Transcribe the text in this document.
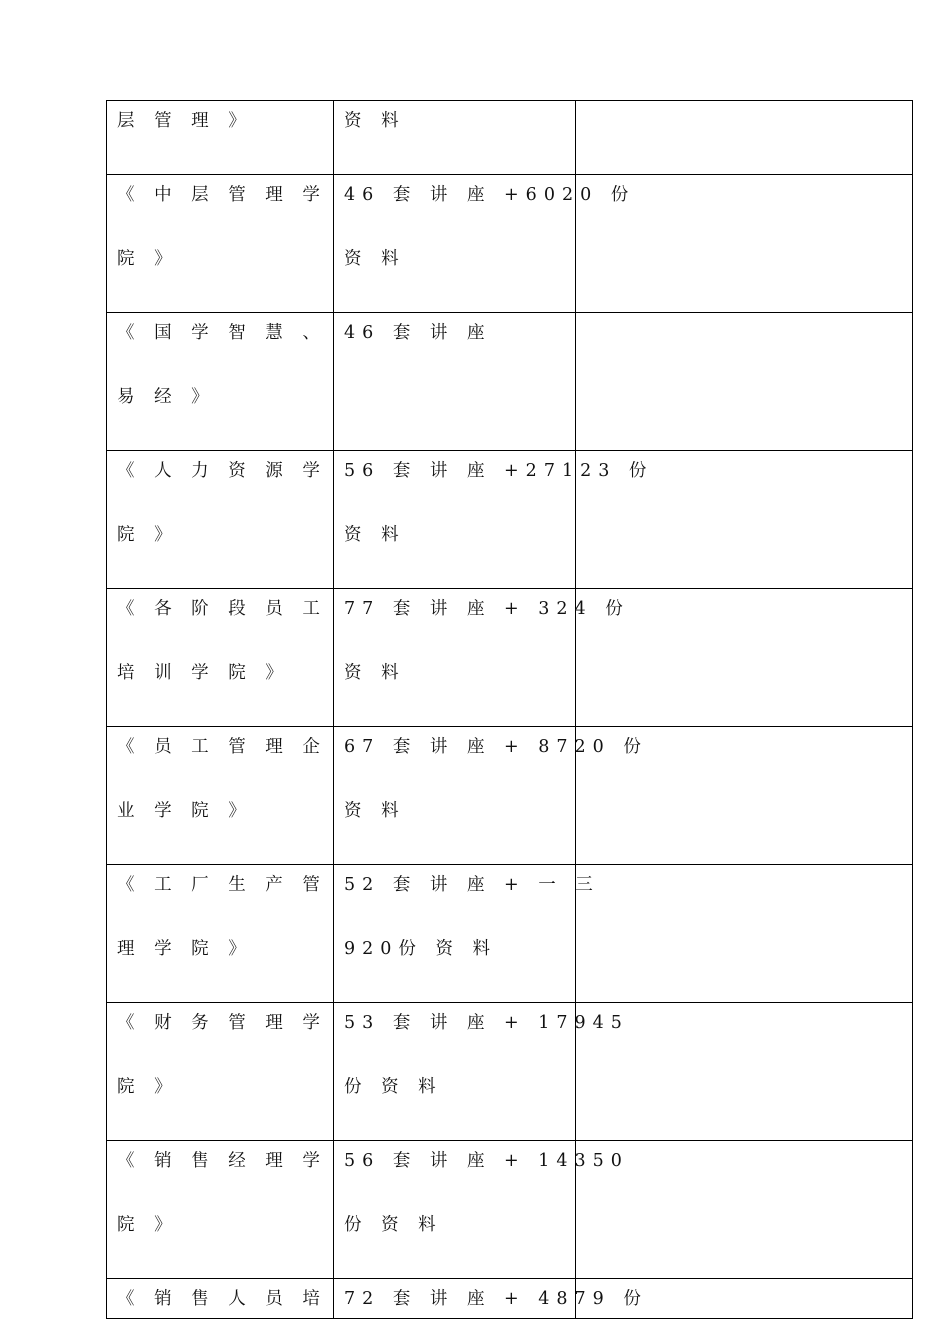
层 管 理 》	资 料	

《 中 层 管 理 学
院 》	46 套 讲 座 +6020 份
资 料	

《 国 学 智 慧 、
易 经 》	46 套 讲 座	

《 人 力 资 源 学
院 》	56 套 讲 座 +27123 份
资 料	

《 各 阶 段 员 工
培 训 学 院 》	77 套 讲 座 + 324 份
资 料	

《 员 工 管 理 企
业 学 院 》	67 套 讲 座 + 8720 份
资 料	

《 工 厂 生 产 管
理 学 院 》	52 套 讲 座 + 一 三
920份 资 料	

《 财 务 管 理 学
院 》	53 套 讲 座 + 17945
份 资 料	

《 销 售 经 理 学
院 》	56 套 讲 座 + 14350
份 资 料	

《 销 售 人 员 培	72 套 讲 座 + 4879 份	
